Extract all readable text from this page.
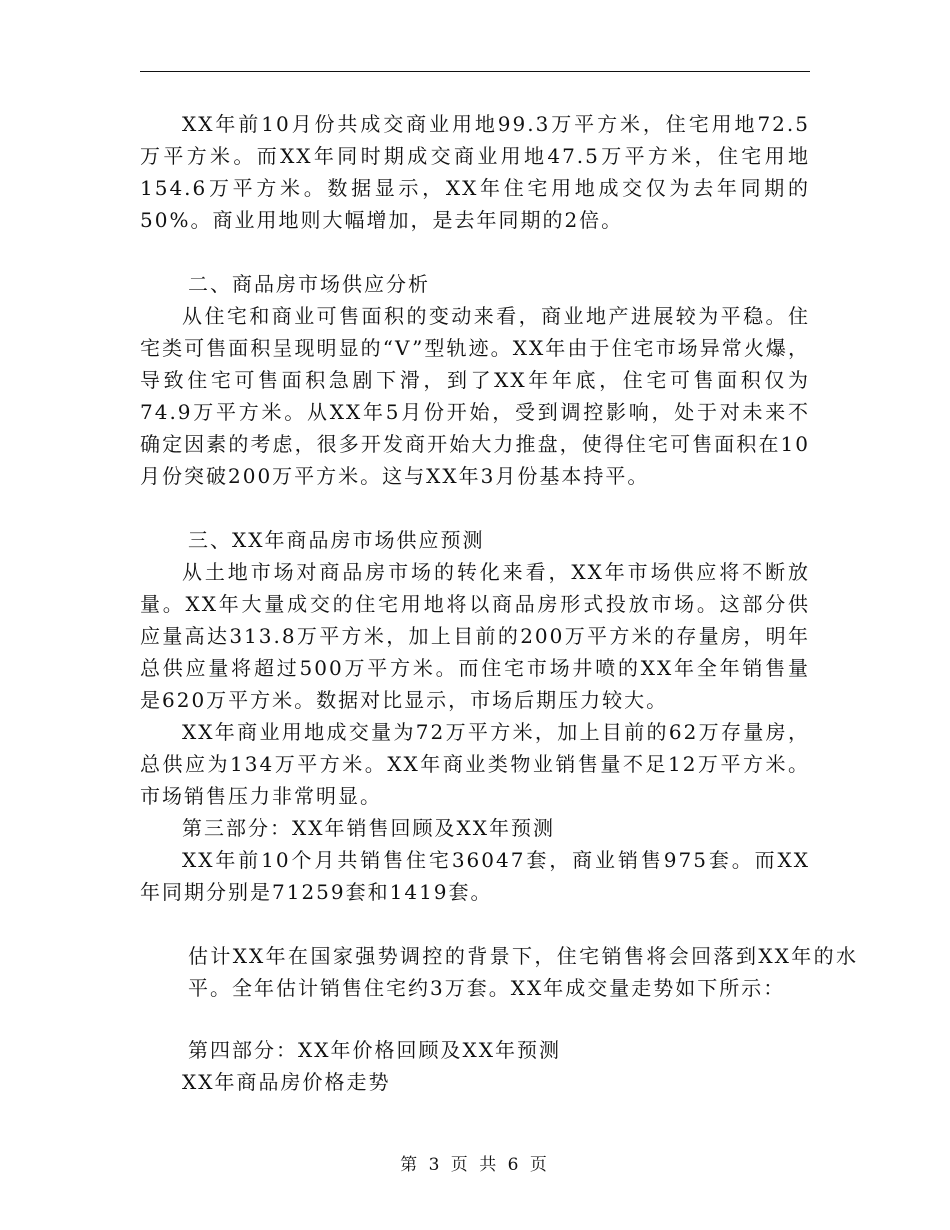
XX年前10月份共成交商业用地99.3万平方米，住宅用地72.5万平方米。而XX年同时期成交商业用地47.5万平方米，住宅用地154.6万平方米。数据显示，XX年住宅用地成交仅为去年同期的50%。商业用地则大幅增加，是去年同期的2倍。
二、商品房市场供应分析
从住宅和商业可售面积的变动来看，商业地产进展较为平稳。住宅类可售面积呈现明显的“V”型轨迹。XX年由于住宅市场异常火爆，导致住宅可售面积急剧下滑，到了XX年年底，住宅可售面积仅为74.9万平方米。从XX年5月份开始，受到调控影响，处于对未来不确定因素的考虑，很多开发商开始大力推盘，使得住宅可售面积在10月份突破200万平方米。这与XX年3月份基本持平。
三、XX年商品房市场供应预测
从土地市场对商品房市场的转化来看，XX年市场供应将不断放量。XX年大量成交的住宅用地将以商品房形式投放市场。这部分供应量高达313.8万平方米，加上目前的200万平方米的存量房，明年总供应量将超过500万平方米。而住宅市场井喷的XX年全年销售量是620万平方米。数据对比显示，市场后期压力较大。
XX年商业用地成交量为72万平方米，加上目前的62万存量房，总供应为134万平方米。XX年商业类物业销售量不足12万平方米。市场销售压力非常明显。
第三部分：XX年销售回顾及XX年预测
XX年前10个月共销售住宅36047套，商业销售975套。而XX年同期分别是71259套和1419套。
估计XX年在国家强势调控的背景下，住宅销售将会回落到XX年的水平。全年估计销售住宅约3万套。XX年成交量走势如下所示：
第四部分：XX年价格回顾及XX年预测
XX年商品房价格走势
第 3 页 共 6 页
